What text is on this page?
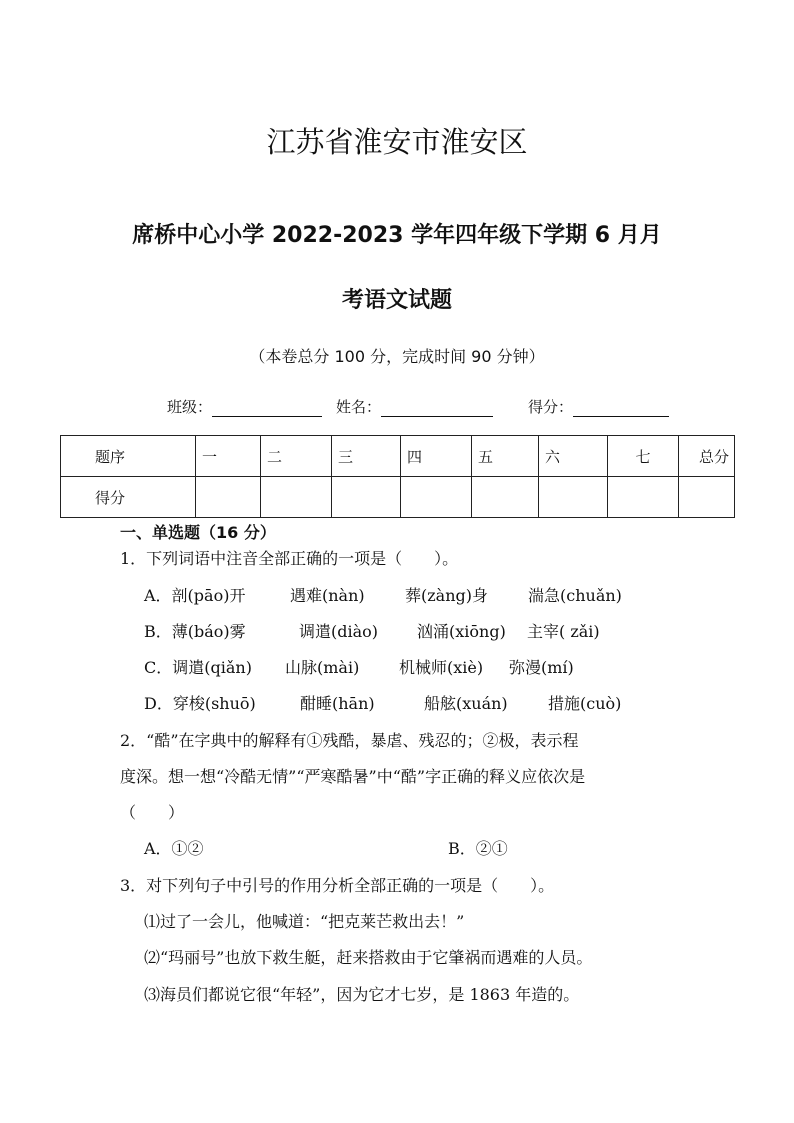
江苏省淮安市淮安区
席桥中心小学 2022-2023 学年四年级下学期 6 月月
考语文试题
（本卷总分 100 分，完成时间 90 分钟）
班级：	姓名：	得分：
题序	一	二	三	四	五	六	七	总分
得分								
一、单选题（16 分）
1．下列词语中注音全部正确的一项是（　　）。
A．剖(pāo)开	遇难(nàn)	葬(zàng)身 湍急(chuǎn)
B．薄(báo)雾	调遣(diào) 汹涌(xiōng) 主宰( zǎi)
C．调遣(qiǎn) 山脉(mài) 机械师(xiè) 弥漫(mí)
D．穿梭(shuō)	酣睡(hān)	船舷(xuán)	措施(cuò)
2．“酷”在字典中的解释有①残酷，暴虐、残忍的；②极，表示程
度深。想一想“冷酷无情”“严寒酷暑”中“酷”字正确的释义应依次是
（　　）
A．①②	B．②①
3．对下列句子中引号的作用分析全部正确的一项是（　　）。
⑴过了一会儿，他喊道：“把克莱芒救出去！”
⑵“玛丽号”也放下救生艇，赶来搭救由于它肇祸而遇难的人员。
⑶海员们都说它很“年轻”，因为它才七岁，是 1863 年造的。
